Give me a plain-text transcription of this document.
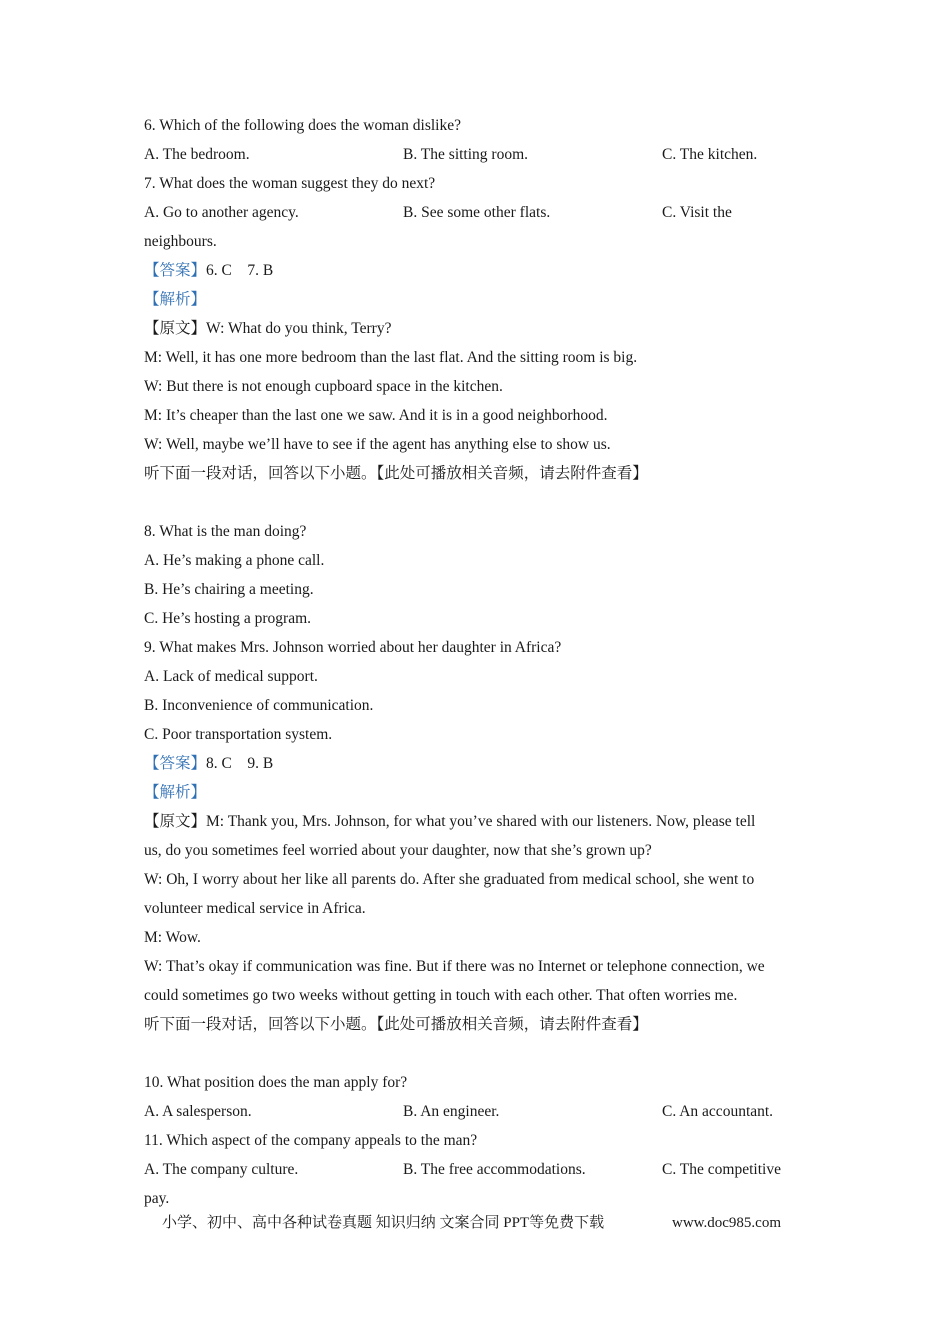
6. Which of the following does the woman dislike?
A. The bedroom.	B. The sitting room.	C. The kitchen.
7. What does the woman suggest they do next?
A. Go to another agency.	B. See some other flats.	C. Visit the
neighbours.
【答案】6. C    7. B
【解析】
【原文】W: What do you think, Terry?
M: Well, it has one more bedroom than the last flat. And the sitting room is big.
W: But there is not enough cupboard space in the kitchen.
M: It’s cheaper than the last one we saw. And it is in a good neighborhood.
W: Well, maybe we’ll have to see if the agent has anything else to show us.
听下面一段对话，回答以下小题。【此处可播放相关音频，请去附件查看】
8. What is the man doing?
A. He’s making a phone call.
B. He’s chairing a meeting.
C. He’s hosting a program.
9. What makes Mrs. Johnson worried about her daughter in Africa?
A. Lack of medical support.
B. Inconvenience of communication.
C. Poor transportation system.
【答案】8. C    9. B
【解析】
【原文】M: Thank you, Mrs. Johnson, for what you’ve shared with our listeners. Now, please tell
us, do you sometimes feel worried about your daughter, now that she’s grown up?
W: Oh, I worry about her like all parents do. After she graduated from medical school, she went to
volunteer medical service in Africa.
M: Wow.
W: That’s okay if communication was fine. But if there was no Internet or telephone connection, we
could sometimes go two weeks without getting in touch with each other. That often worries me.
听下面一段对话，回答以下小题。【此处可播放相关音频，请去附件查看】
10. What position does the man apply for?
A. A salesperson.	B. An engineer.	C. An accountant.
11. Which aspect of the company appeals to the man?
A. The company culture.	B. The free accommodations.	C. The competitive
pay.
小学、初中、高中各种试卷真题 知识归纳 文案合同 PPT等免费下载	www.doc985.com
